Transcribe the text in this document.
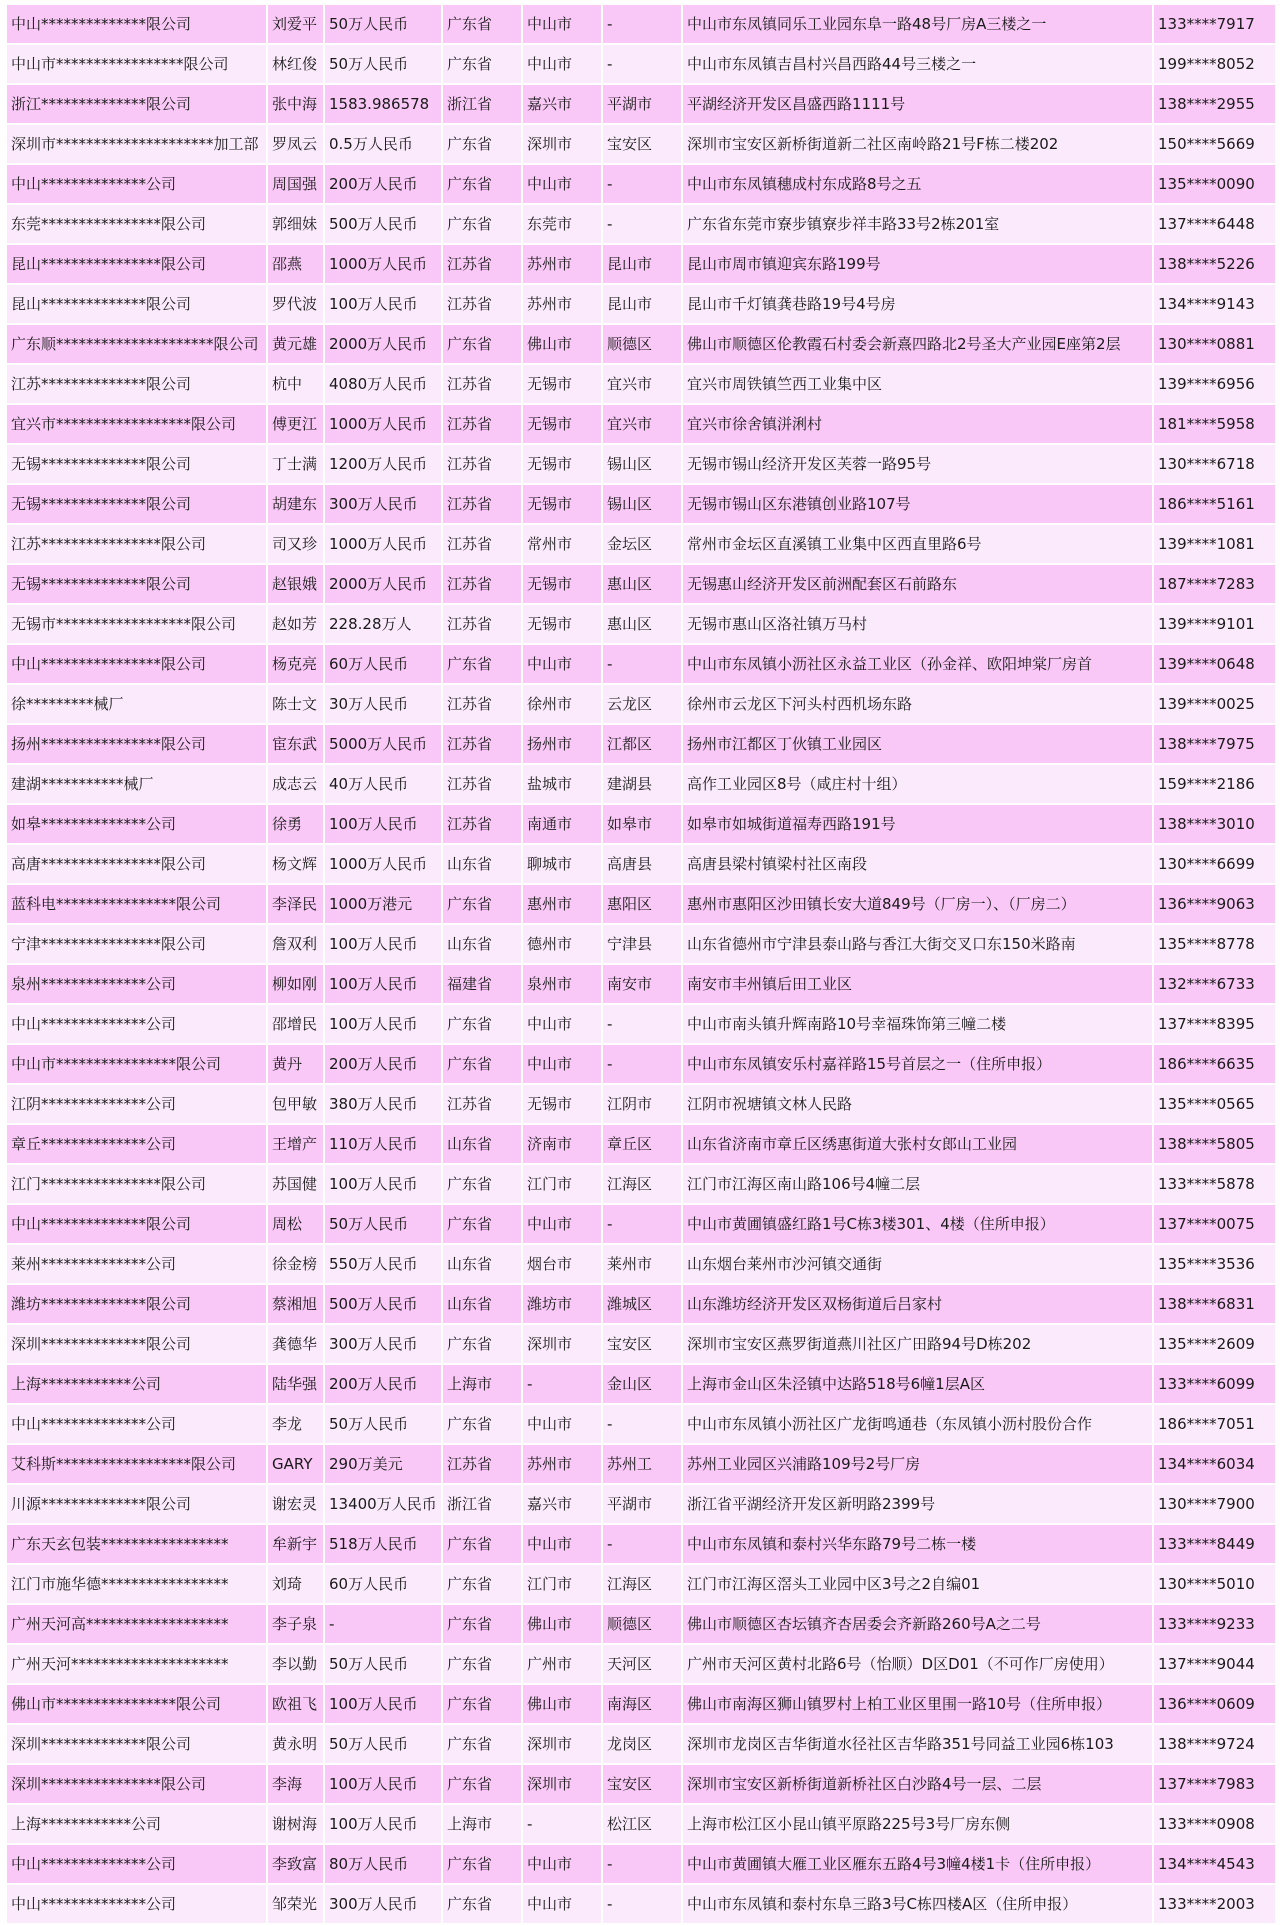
中山**************限公司	刘爱平	50万人民币	广东省	中山市	-	中山市东凤镇同乐工业园东阜一路48号厂房A三楼之一	133****7917
中山市*****************限公司	林红俊	50万人民币	广东省	中山市	-	中山市东凤镇吉昌村兴昌西路44号三楼之一	199****8052
浙江**************限公司	张中海	1583.986578	浙江省	嘉兴市	平湖市	平湖经济开发区昌盛西路1111号	138****2955
深圳市*********************加工部	罗凤云	0.5万人民币	广东省	深圳市	宝安区	深圳市宝安区新桥街道新二社区南岭路21号F栋二楼202	150****5669
中山**************公司	周国强	200万人民币	广东省	中山市	-	中山市东凤镇穗成村东成路8号之五	135****0090
东莞****************限公司	郭细妹	500万人民币	广东省	东莞市	-	广东省东莞市寮步镇寮步祥丰路33号2栋201室	137****6448
昆山****************限公司	邵燕	1000万人民币	江苏省	苏州市	昆山市	昆山市周市镇迎宾东路199号	138****5226
昆山**************限公司	罗代波	100万人民币	江苏省	苏州市	昆山市	昆山市千灯镇龚巷路19号4号房	134****9143
广东顺*********************限公司	黄元雄	2000万人民币	广东省	佛山市	顺德区	佛山市顺德区伦教霞石村委会新熹四路北2号圣大产业园E座第2层	130****0881
江苏**************限公司	杭中	4080万人民币	江苏省	无锡市	宜兴市	宜兴市周铁镇竺西工业集中区	139****6956
宜兴市******************限公司	傅更江	1000万人民币	江苏省	无锡市	宜兴市	宜兴市徐舍镇洴浰村	181****5958
无锡**************限公司	丁士满	1200万人民币	江苏省	无锡市	锡山区	无锡市锡山经济开发区芙蓉一路95号	130****6718
无锡**************限公司	胡建东	300万人民币	江苏省	无锡市	锡山区	无锡市锡山区东港镇创业路107号	186****5161
江苏****************限公司	司又珍	1000万人民币	江苏省	常州市	金坛区	常州市金坛区直溪镇工业集中区西直里路6号	139****1081
无锡**************限公司	赵银娥	2000万人民币	江苏省	无锡市	惠山区	无锡惠山经济开发区前洲配套区石前路东	187****7283
无锡市******************限公司	赵如芳	228.28万人	江苏省	无锡市	惠山区	无锡市惠山区洛社镇万马村	139****9101
中山****************限公司	杨克亮	60万人民币	广东省	中山市	-	中山市东凤镇小沥社区永益工业区（孙金祥、欧阳坤棠厂房首	139****0648
徐*********械厂	陈士文	30万人民币	江苏省	徐州市	云龙区	徐州市云龙区下河头村西机场东路	139****0025
扬州****************限公司	宦东武	5000万人民币	江苏省	扬州市	江都区	扬州市江都区丁伙镇工业园区	138****7975
建湖***********械厂	成志云	40万人民币	江苏省	盐城市	建湖县	高作工业园区8号（咸庄村十组）	159****2186
如皋**************公司	徐勇	100万人民币	江苏省	南通市	如皋市	如皋市如城街道福寿西路191号	138****3010
高唐****************限公司	杨文辉	1000万人民币	山东省	聊城市	高唐县	高唐县梁村镇梁村社区南段	130****6699
蓝科电****************限公司	李泽民	1000万港元	广东省	惠州市	惠阳区	惠州市惠阳区沙田镇长安大道849号（厂房一）、（厂房二）	136****9063
宁津****************限公司	詹双利	100万人民币	山东省	德州市	宁津县	山东省德州市宁津县泰山路与香江大街交叉口东150米路南	135****8778
泉州**************公司	柳如刚	100万人民币	福建省	泉州市	南安市	南安市丰州镇后田工业区	132****6733
中山**************公司	邵增民	100万人民币	广东省	中山市	-	中山市南头镇升辉南路10号幸福珠饰第三幢二楼	137****8395
中山市****************限公司	黄丹	200万人民币	广东省	中山市	-	中山市东凤镇安乐村嘉祥路15号首层之一（住所申报）	186****6635
江阴**************公司	包甲敏	380万人民币	江苏省	无锡市	江阴市	江阴市祝塘镇文林人民路	135****0565
章丘**************公司	王增产	110万人民币	山东省	济南市	章丘区	山东省济南市章丘区绣惠街道大张村女郎山工业园	138****5805
江门****************限公司	苏国健	100万人民币	广东省	江门市	江海区	江门市江海区南山路106号4幢二层	133****5878
中山**************限公司	周松	50万人民币	广东省	中山市	-	中山市黄圃镇盛红路1号C栋3楼301、4楼（住所申报）	137****0075
莱州**************公司	徐金榜	550万人民币	山东省	烟台市	莱州市	山东烟台莱州市沙河镇交通街	135****3536
潍坊**************限公司	蔡湘旭	500万人民币	山东省	潍坊市	潍城区	山东潍坊经济开发区双杨街道后吕家村	138****6831
深圳**************限公司	龚德华	300万人民币	广东省	深圳市	宝安区	深圳市宝安区燕罗街道燕川社区广田路94号D栋202	135****2609
上海************公司	陆华强	200万人民币	上海市	-	金山区	上海市金山区朱泾镇中达路518号6幢1层A区	133****6099
中山**************公司	李龙	50万人民币	广东省	中山市	-	中山市东凤镇小沥社区广龙街鸣通巷（东凤镇小沥村股份合作	186****7051
艾科斯******************限公司	GARY	290万美元	江苏省	苏州市	苏州工	苏州工业园区兴浦路109号2号厂房	134****6034
川源**************限公司	谢宏灵	13400万人民币	浙江省	嘉兴市	平湖市	浙江省平湖经济开发区新明路2399号	130****7900
广东天玄包装*****************	牟新宇	518万人民币	广东省	中山市	-	中山市东凤镇和泰村兴华东路79号二栋一楼	133****8449
江门市施华德*****************	刘琦	60万人民币	广东省	江门市	江海区	江门市江海区滘头工业园中区3号之2自编01	130****5010
广州天河高*******************	李子泉	-	广东省	佛山市	顺德区	佛山市顺德区杏坛镇齐杏居委会齐新路260号A之二号	133****9233
广州天河*********************	李以勤	50万人民币	广东省	广州市	天河区	广州市天河区黄村北路6号（怡顺）D区D01（不可作厂房使用）	137****9044
佛山市****************限公司	欧祖飞	100万人民币	广东省	佛山市	南海区	佛山市南海区狮山镇罗村上柏工业区里围一路10号（住所申报）	136****0609
深圳**************限公司	黄永明	50万人民币	广东省	深圳市	龙岗区	深圳市龙岗区吉华街道水径社区吉华路351号同益工业园6栋103	138****9724
深圳****************限公司	李海	100万人民币	广东省	深圳市	宝安区	深圳市宝安区新桥街道新桥社区白沙路4号一层、二层	137****7983
上海************公司	谢树海	100万人民币	上海市	-	松江区	上海市松江区小昆山镇平原路225号3号厂房东侧	133****0908
中山**************公司	李致富	80万人民币	广东省	中山市	-	中山市黄圃镇大雁工业区雁东五路4号3幢4楼1卡（住所申报）	134****4543
中山**************公司	邹荣光	300万人民币	广东省	中山市	-	中山市东凤镇和泰村东阜三路3号C栋四楼A区（住所申报）	133****2003
